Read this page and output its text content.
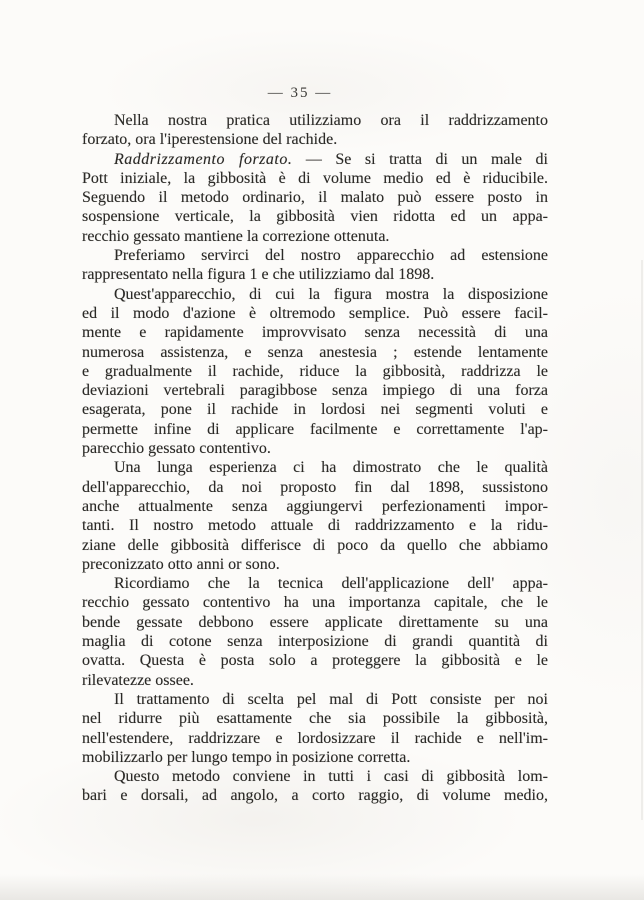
— 35 —
Nella nostra pratica utilizziamo ora il raddrizzamento
forzato, ora l'iperestensione del rachide.
Raddrizzamento forzato. — Se si tratta di un male di
Pott iniziale, la gibbosità è di volume medio ed è riducibile.
Seguendo il metodo ordinario, il malato può essere posto in
sospensione verticale, la gibbosità vien ridotta ed un appa-
recchio gessato mantiene la correzione ottenuta.
Preferiamo servirci del nostro apparecchio ad estensione
rappresentato nella figura 1 e che utilizziamo dal 1898.
Quest'apparecchio, di cui la figura mostra la disposizione
ed il modo d'azione è oltremodo semplice. Può essere facil-
mente e rapidamente improvvisato senza necessità di una
numerosa assistenza, e senza anestesia ; estende lentamente
e gradualmente il rachide, riduce la gibbosità, raddrizza le
deviazioni vertebrali paragibbose senza impiego di una forza
esagerata, pone il rachide in lordosi nei segmenti voluti e
permette infine di applicare facilmente e correttamente l'ap-
parecchio gessato contentivo.
Una lunga esperienza ci ha dimostrato che le qualità
dell'apparecchio, da noi proposto fin dal 1898, sussistono
anche attualmente senza aggiungervi perfezionamenti impor-
tanti. Il nostro metodo attuale di raddrizzamento e la ridu-
ziane delle gibbosità differisce di poco da quello che abbiamo
preconizzato otto anni or sono.
Ricordiamo che la tecnica dell'applicazione dell' appa-
recchio gessato contentivo ha una importanza capitale, che le
bende gessate debbono essere applicate direttamente su una
maglia di cotone senza interposizione di grandi quantità di
ovatta. Questa è posta solo a proteggere la gibbosità e le
rilevatezze ossee.
Il trattamento di scelta pel mal di Pott consiste per noi
nel ridurre più esattamente che sia possibile la gibbosità,
nell'estendere, raddrizzare e lordosizzare il rachide e nell'im-
mobilizzarlo per lungo tempo in posizione corretta.
Questo metodo conviene in tutti i casi di gibbosità lom-
bari e dorsali, ad angolo, a corto raggio, di volume medio,
